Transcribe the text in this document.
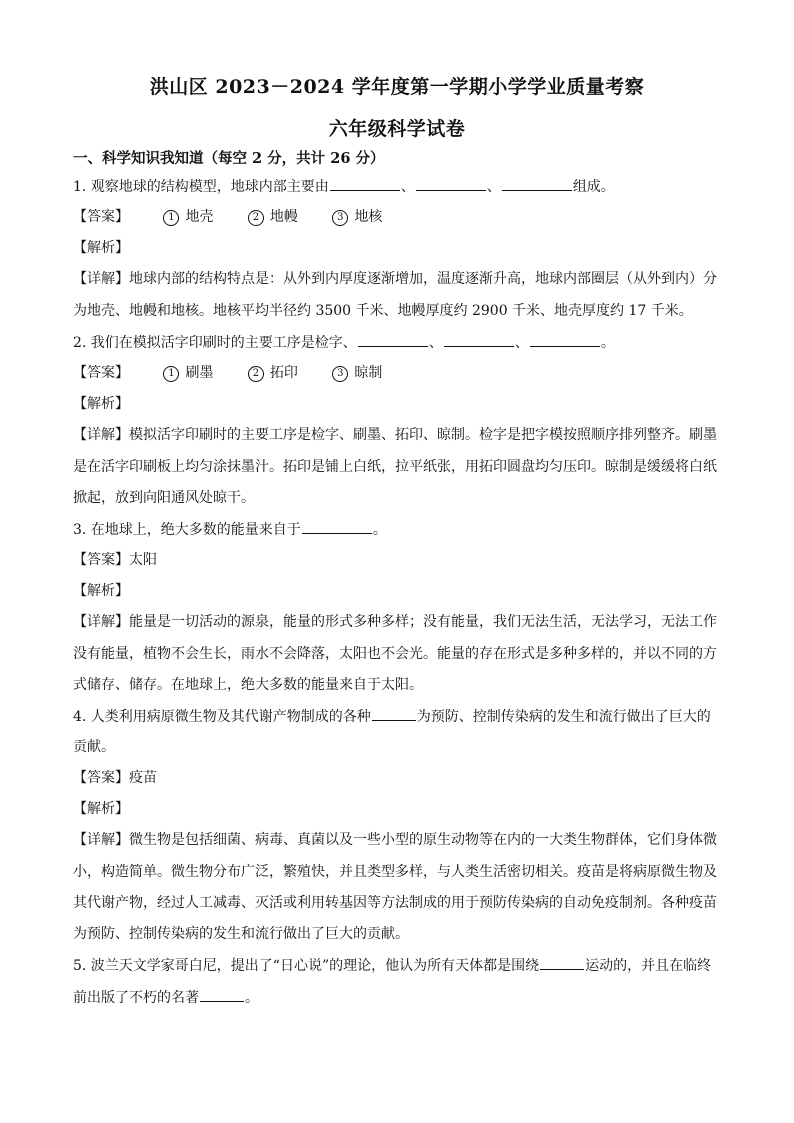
洪山区 2023－2024 学年度第一学期小学学业质量考察
六年级科学试卷
一、科学知识我知道（每空 2 分，共计 26 分）
1. 观察地球的结构模型，地球内部主要由	、	、	组成。
【答案】	1 地壳	2 地幔	3 地核
【解析】
【详解】地球内部的结构特点是：从外到内厚度逐渐增加，温度逐渐升高，地球内部圈层（从外到内）分
为地壳、地幔和地核。地核平均半径约 3500 千米、地幔厚度约 2900 千米、地壳厚度约 17 千米。
2. 我们在模拟活字印刷时的主要工序是检字、	、	、	。
【答案】	1 刷墨	2 拓印	3 晾制
【解析】
【详解】模拟活字印刷时的主要工序是检字、刷墨、拓印、晾制。检字是把字模按照顺序排列整齐。刷墨
是在活字印刷板上均匀涂抹墨汁。拓印是铺上白纸，拉平纸张，用拓印圆盘均匀压印。晾制是缓缓将白纸
掀起，放到向阳通风处晾干。
3. 在地球上，绝大多数的能量来自于	。
【答案】太阳
【解析】
【详解】能量是一切活动的源泉，能量的形式多种多样；没有能量，我们无法生活，无法学习，无法工作
没有能量，植物不会生长，雨水不会降落，太阳也不会光。能量的存在形式是多种多样的，并以不同的方
式储存、储存。在地球上，绝大多数的能量来自于太阳。
4. 人类利用病原微生物及其代谢产物制成的各种	为预防、控制传染病的发生和流行做出了巨大的
贡献。
【答案】疫苗
【解析】
【详解】微生物是包括细菌、病毒、真菌以及一些小型的原生动物等在内的一大类生物群体，它们身体微
小，构造简单。微生物分布广泛，繁殖快，并且类型多样，与人类生活密切相关。疫苗是将病原微生物及
其代谢产物，经过人工减毒、灭活或利用转基因等方法制成的用于预防传染病的自动免疫制剂。各种疫苗
为预防、控制传染病的发生和流行做出了巨大的贡献。
5. 波兰天文学家哥白尼，提出了“日心说”的理论，他认为所有天体都是围绕	运动的，并且在临终
前出版了不朽的名著	。
